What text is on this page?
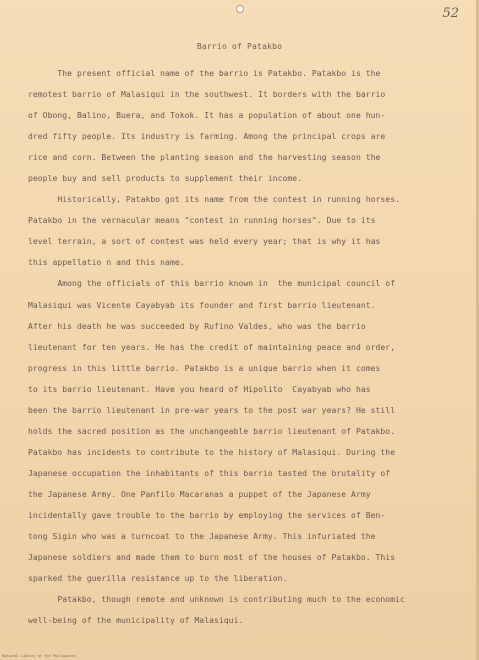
52
Barrio of Patakbo
The present official name of the barrio is Patakbo. Patakbo is the
remotest barrio of Malasiqui in the southwest. It borders with the barrio
of Obong, Balino, Buera, and Tokok. It has a population of about one hun-
dred fifty people. Its industry is farming. Among the principal crops are
rice and corn. Between the planting season and the harvesting season the
people buy and sell products to supplement their income.
Historically, Patakbo got its name from the contest in running horses.
Patakbo in the vernacular means "contest in running horses". Due to its
level terrain, a sort of contest was held every year; that is why it has
this appellatio n and this name.
Among the officials of this barrio known in  the municipal council of
Malasiqui was Vicente Cayabyab its founder and first barrio lieutenant.
After his death he was succeeded by Rufino Valdes, who was the barrio
lieutenant for ten years. He has the credit of maintaining peace and order,
progress in this little barrio. Patakbo is a unique barrio when it comes
to its barrio lieutenant. Have you heard of Hipolito  Cayabyab who has
been the barrio lieutenant in pre-war years to the post war years? He still
holds the sacred position as the unchangeable barrio lieutenant of Patakbo.
Patakbo has incidents to contribute to the history of Malasiqui. During the
Japanese occupation the inhabitants of this barrio tasted the brutality of
the Japanese Army. One Panfilo Macaranas a puppet of the Japanese Army
incidentally gave trouble to the barrio by employing the services of Ben-
tong Sigin who was a turncoat to the Japanese Army. This infuriated the
Japanese soldiers and made them to burn most of the houses of Patakbo. This
sparked the guerilla resistance up to the liberation.
Patakbo, though remote and unknown is contributing much to the economic
well-being of the municipality of Malasiqui.
National Library of the Philippines
